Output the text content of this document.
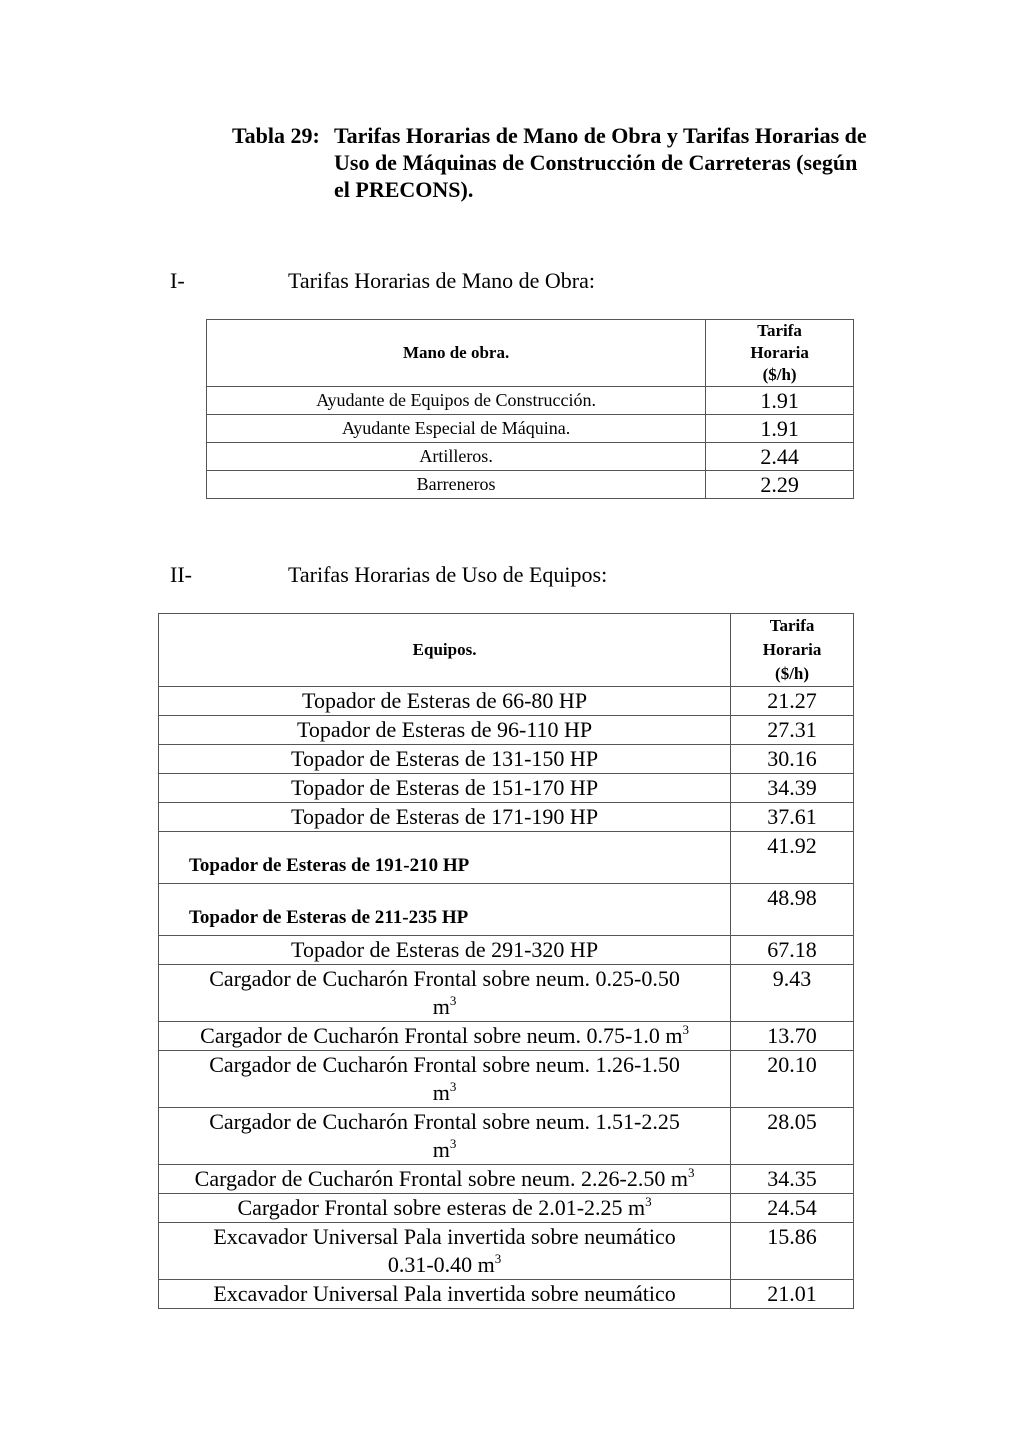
Tabla 29: Tarifas Horarias de Mano de Obra y Tarifas Horarias de Uso de Máquinas de Construcción de Carreteras (según el PRECONS).
I-	Tarifas Horarias de Mano de Obra:
Mano de obra.	Tarifa
Horaria
($/h)

Ayudante de Equipos de Construcción.	1.91
Ayudante Especial de Máquina.	1.91
Artilleros.	2.44
Barreneros	2.29
II-	Tarifas Horarias de Uso de Equipos:
Equipos.	Tarifa
Horaria
($/h)

Topador de Esteras de 66-80 HP	21.27
Topador de Esteras de 96-110 HP	27.31
Topador de Esteras de 131-150 HP	30.16
Topador de Esteras de 151-170 HP	34.39
Topador de Esteras de 171-190 HP	37.61
Topador de Esteras de 191-210 HP	41.92
Topador de Esteras de 211-235 HP	48.98
Topador de Esteras de 291-320 HP	67.18

Cargador de Cucharón Frontal sobre neum. 0.25-0.50
$m^3$	9.43
Cargador de Cucharón Frontal sobre neum. 0.75-1.0 $m^3$	13.70

Cargador de Cucharón Frontal sobre neum. 1.26-1.50
$m^3$	20.10

Cargador de Cucharón Frontal sobre neum. 1.51-2.25
$m^3$	28.05
Cargador de Cucharón Frontal sobre neum. 2.26-2.50 $m^3$	34.35
Cargador Frontal sobre esteras de 2.01-2.25 $m^3$	24.54

Excavador Universal Pala invertida sobre neumático
0.31-0.40 $m^3$	15.86
Excavador Universal Pala invertida sobre neumático	21.01
